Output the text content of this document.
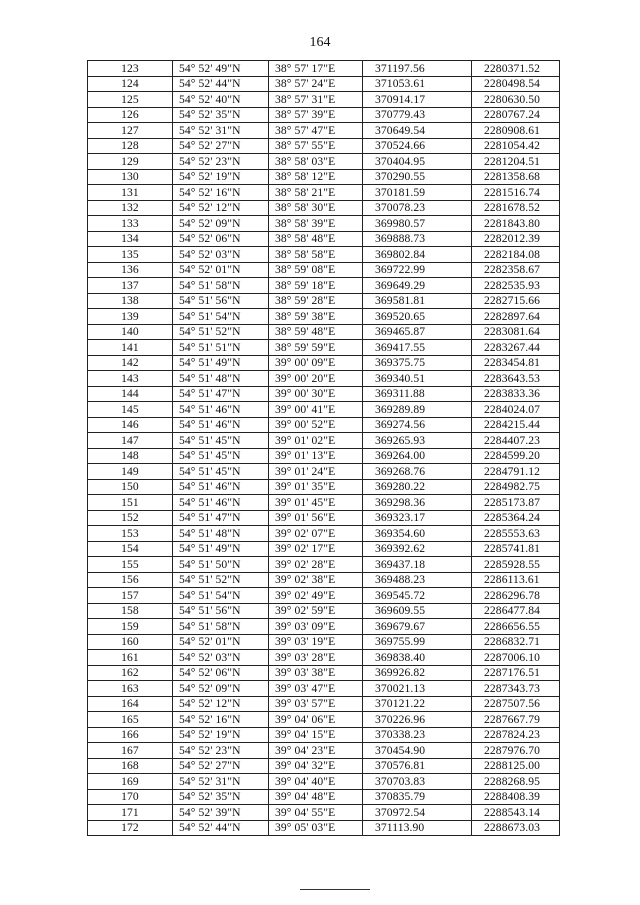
164
123	54° 52' 49"N	38° 57' 17"E	371197.56	2280371.52
124	54° 52' 44"N	38° 57' 24"E	371053.61	2280498.54
125	54° 52' 40"N	38° 57' 31"E	370914.17	2280630.50
126	54° 52' 35"N	38° 57' 39"E	370779.43	2280767.24
127	54° 52' 31"N	38° 57' 47"E	370649.54	2280908.61
128	54° 52' 27"N	38° 57' 55"E	370524.66	2281054.42
129	54° 52' 23"N	38° 58' 03"E	370404.95	2281204.51
130	54° 52' 19"N	38° 58' 12"E	370290.55	2281358.68
131	54° 52' 16"N	38° 58' 21"E	370181.59	2281516.74
132	54° 52' 12"N	38° 58' 30"E	370078.23	2281678.52
133	54° 52' 09"N	38° 58' 39"E	369980.57	2281843.80
134	54° 52' 06"N	38° 58' 48"E	369888.73	2282012.39
135	54° 52' 03"N	38° 58' 58"E	369802.84	2282184.08
136	54° 52' 01"N	38° 59' 08"E	369722.99	2282358.67
137	54° 51' 58"N	38° 59' 18"E	369649.29	2282535.93
138	54° 51' 56"N	38° 59' 28"E	369581.81	2282715.66
139	54° 51' 54"N	38° 59' 38"E	369520.65	2282897.64
140	54° 51' 52"N	38° 59' 48"E	369465.87	2283081.64
141	54° 51' 51"N	38° 59' 59"E	369417.55	2283267.44
142	54° 51' 49"N	39° 00' 09"E	369375.75	2283454.81
143	54° 51' 48"N	39° 00' 20"E	369340.51	2283643.53
144	54° 51' 47"N	39° 00' 30"E	369311.88	2283833.36
145	54° 51' 46"N	39° 00' 41"E	369289.89	2284024.07
146	54° 51' 46"N	39° 00' 52"E	369274.56	2284215.44
147	54° 51' 45"N	39° 01' 02"E	369265.93	2284407.23
148	54° 51' 45"N	39° 01' 13"E	369264.00	2284599.20
149	54° 51' 45"N	39° 01' 24"E	369268.76	2284791.12
150	54° 51' 46"N	39° 01' 35"E	369280.22	2284982.75
151	54° 51' 46"N	39° 01' 45"E	369298.36	2285173.87
152	54° 51' 47"N	39° 01' 56"E	369323.17	2285364.24
153	54° 51' 48"N	39° 02' 07"E	369354.60	2285553.63
154	54° 51' 49"N	39° 02' 17"E	369392.62	2285741.81
155	54° 51' 50"N	39° 02' 28"E	369437.18	2285928.55
156	54° 51' 52"N	39° 02' 38"E	369488.23	2286113.61
157	54° 51' 54"N	39° 02' 49"E	369545.72	2286296.78
158	54° 51' 56"N	39° 02' 59"E	369609.55	2286477.84
159	54° 51' 58"N	39° 03' 09"E	369679.67	2286656.55
160	54° 52' 01"N	39° 03' 19"E	369755.99	2286832.71
161	54° 52' 03"N	39° 03' 28"E	369838.40	2287006.10
162	54° 52' 06"N	39° 03' 38"E	369926.82	2287176.51
163	54° 52' 09"N	39° 03' 47"E	370021.13	2287343.73
164	54° 52' 12"N	39° 03' 57"E	370121.22	2287507.56
165	54° 52' 16"N	39° 04' 06"E	370226.96	2287667.79
166	54° 52' 19"N	39° 04' 15"E	370338.23	2287824.23
167	54° 52' 23"N	39° 04' 23"E	370454.90	2287976.70
168	54° 52' 27"N	39° 04' 32"E	370576.81	2288125.00
169	54° 52' 31"N	39° 04' 40"E	370703.83	2288268.95
170	54° 52' 35"N	39° 04' 48"E	370835.79	2288408.39
171	54° 52' 39"N	39° 04' 55"E	370972.54	2288543.14
172	54° 52' 44"N	39° 05' 03"E	371113.90	2288673.03
